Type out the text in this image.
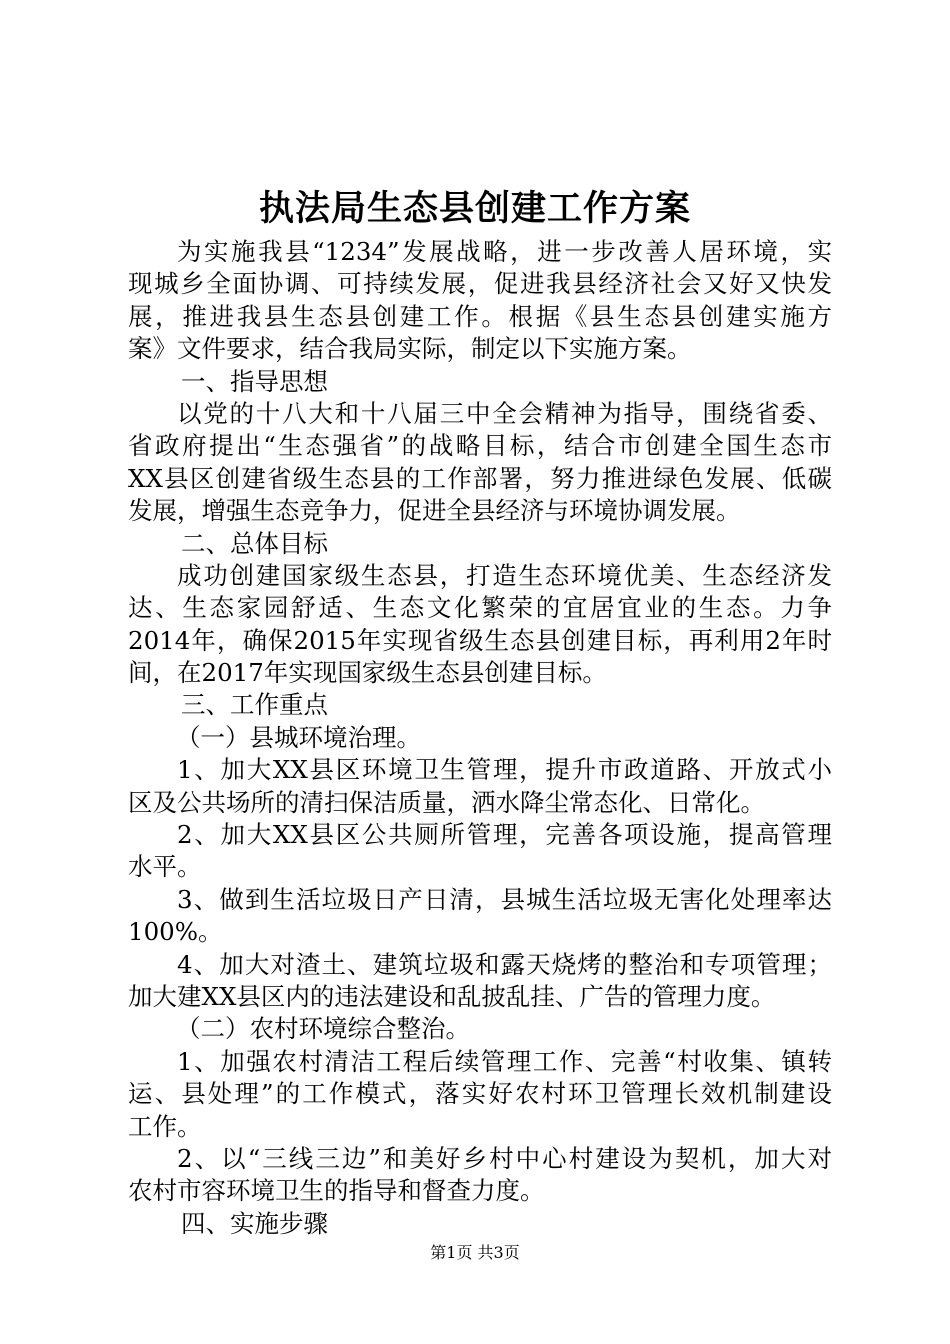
执法局生态县创建工作方案
为实施我县“1234”发展战略，进一步改善人居环境，实
现城乡全面协调、可持续发展，促进我县经济社会又好又快发
展，推进我县生态县创建工作。根据《县生态县创建实施方
案》文件要求，结合我局实际，制定以下实施方案。
一、指导思想
以党的十八大和十八届三中全会精神为指导，围绕省委、
省政府提出“生态强省”的战略目标，结合市创建全国生态市
XX县区创建省级生态县的工作部署，努力推进绿色发展、低碳
发展，增强生态竞争力，促进全县经济与环境协调发展。
二、总体目标
成功创建国家级生态县，打造生态环境优美、生态经济发
达、生态家园舒适、生态文化繁荣的宜居宜业的生态。力争
2014年，确保2015年实现省级生态县创建目标，再利用2年时
间，在2017年实现国家级生态县创建目标。
三、工作重点
（一）县城环境治理。
1、加大XX县区环境卫生管理，提升市政道路、开放式小
区及公共场所的清扫保洁质量，洒水降尘常态化、日常化。
2、加大XX县区公共厕所管理，完善各项设施，提高管理
水平。
3、做到生活垃圾日产日清，县城生活垃圾无害化处理率达
100%。
4、加大对渣土、建筑垃圾和露天烧烤的整治和专项管理；
加大建XX县区内的违法建设和乱披乱挂、广告的管理力度。
（二）农村环境综合整治。
1、加强农村清洁工程后续管理工作、完善“村收集、镇转
运、县处理”的工作模式，落实好农村环卫管理长效机制建设
工作。
2、以“三线三边”和美好乡村中心村建设为契机，加大对
农村市容环境卫生的指导和督查力度。
四、实施步骤
第1页 共3页
